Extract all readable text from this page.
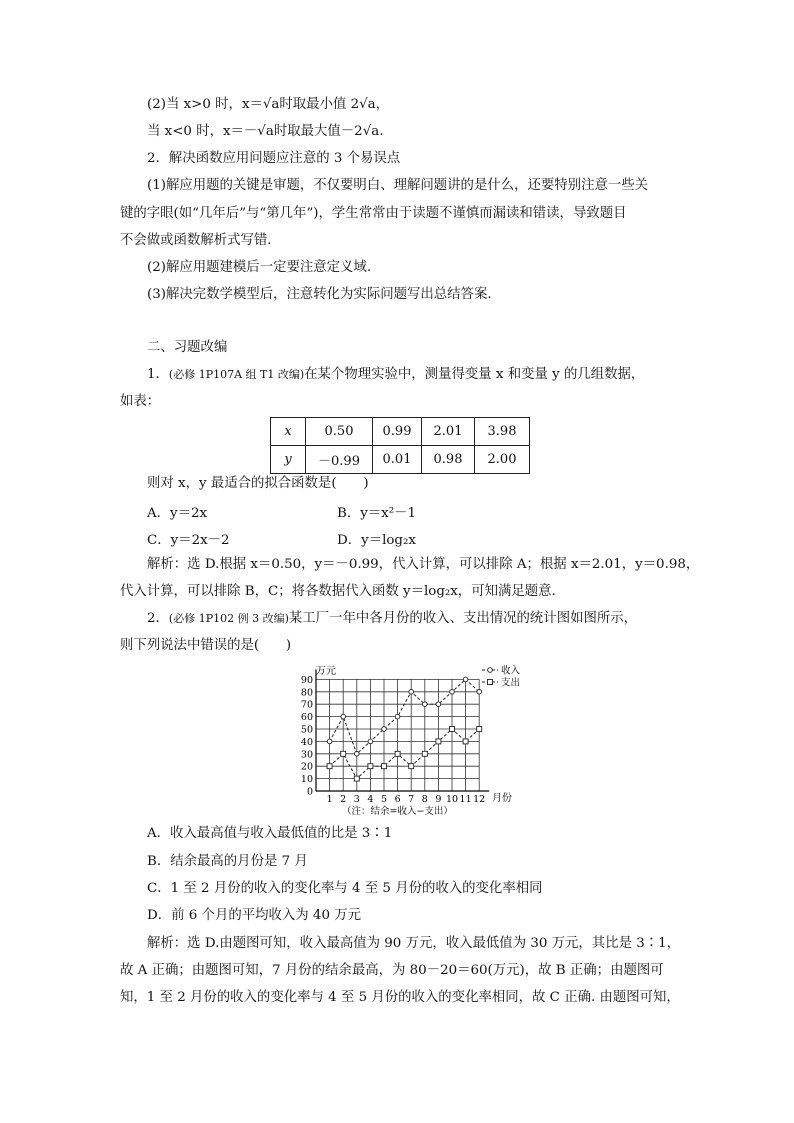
(2)当 x>0 时，x＝√a时取最小值 2√a，
当 x<0 时，x＝－√a时取最大值－2√a.
2．解决函数应用问题应注意的 3 个易误点
(1)解应用题的关键是审题，不仅要明白、理解问题讲的是什么，还要特别注意一些关
键的字眼(如“几年后”与“第几年”)，学生常常由于读题不谨慎而漏读和错读，导致题目
不会做或函数解析式写错.
(2)解应用题建模后一定要注意定义域.
(3)解决完数学模型后，注意转化为实际问题写出总结答案.
二、习题改编
1．(必修 1P107A 组 T1 改编)在某个物理实验中，测量得变量 x 和变量 y 的几组数据，
如表：
x	0.50	0.99	2.01	3.98
y	－0.99	0.01	0.98	2.00
则对 x，y 最适合的拟合函数是(　　)
A．y＝2x	B．y＝x²－1
C．y＝2x－2	D．y＝log₂x
解析：选 D.根据 x＝0.50，y＝－0.99，代入计算，可以排除 A；根据 x＝2.01，y＝0.98，
代入计算，可以排除 B，C；将各数据代入函数 y＝log₂x，可知满足题意.
2．(必修 1P102 例 3 改编)某工厂一年中各月份的收入、支出情况的统计图如图所示，
则下列说法中错误的是(　　)
0
10
20
30
40
50
60
70
80
90
1 2 3 4 5 6 7 8 9 10 11 12
万元
月份
（注：结余=收入−支出）
收入
支出
A．收入最高值与收入最低值的比是 3∶1
B．结余最高的月份是 7 月
C．1 至 2 月份的收入的变化率与 4 至 5 月份的收入的变化率相同
D．前 6 个月的平均收入为 40 万元
解析：选 D.由题图可知，收入最高值为 90 万元，收入最低值为 30 万元，其比是 3∶1，
故 A 正确；由题图可知，7 月份的结余最高，为 80－20＝60(万元)，故 B 正确；由题图可
知，1 至 2 月份的收入的变化率与 4 至 5 月份的收入的变化率相同，故 C 正确. 由题图可知，
